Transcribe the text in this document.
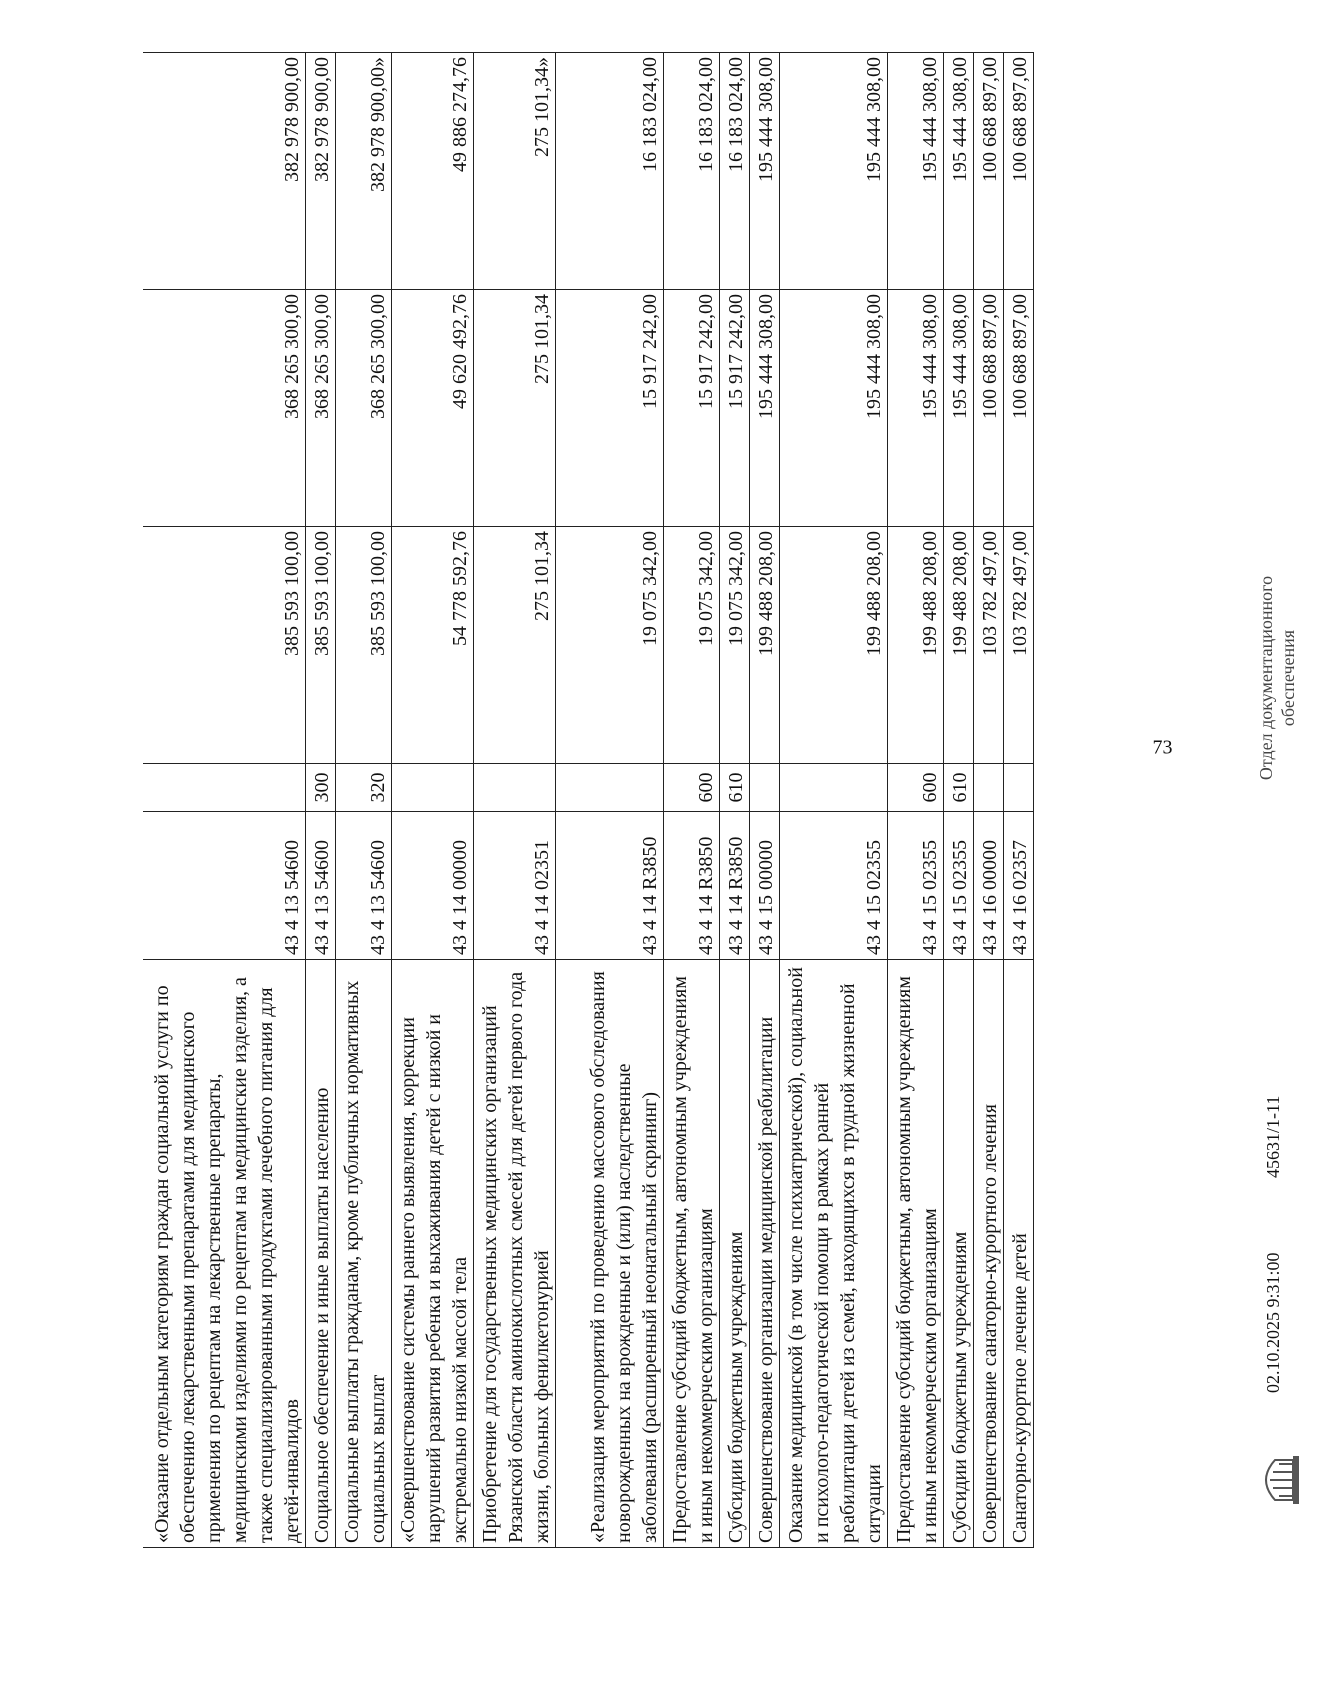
73
«Оказание отдельным категориям граждан социальной услуги по обеспечению лекарственными препаратами для медицинского применения по рецептам на лекарственные препараты, медицинскими изделиями по рецептам на медицинские изделия, а также специализированными продуктами лечебного питания для детей-инвалидов	43 4 13 54600		385 593 100,00	368 265 300,00	382 978 900,00
Социальное обеспечение и иные выплаты населению	43 4 13 54600	300	385 593 100,00	368 265 300,00	382 978 900,00
Социальные выплаты гражданам, кроме публичных нормативных социальных выплат	43 4 13 54600	320	385 593 100,00	368 265 300,00	382 978 900,00»
«Совершенствование системы раннего выявления, коррекции нарушений развития ребенка и выхаживания детей с низкой и экстремально низкой массой тела	43 4 14 00000		54 778 592,76	49 620 492,76	49 886 274,76
Приобретение для государственных медицинских организаций Рязанской области аминокислотных смесей для детей первого года жизни, больных фенилкетонурией	43 4 14 02351		275 101,34	275 101,34	275 101,34»
«Реализация мероприятий по проведению массового обследования новорожденных на врожденные и (или) наследственные заболевания (расширенный неонатальный скрининг)	43 4 14 R3850		19 075 342,00	15 917 242,00	16 183 024,00
Предоставление субсидий бюджетным, автономным учреждениям и иным некоммерческим организациям	43 4 14 R3850	600	19 075 342,00	15 917 242,00	16 183 024,00
Субсидии бюджетным учреждениям	43 4 14 R3850	610	19 075 342,00	15 917 242,00	16 183 024,00
Совершенствование организации медицинской реабилитации	43 4 15 00000		199 488 208,00	195 444 308,00	195 444 308,00
Оказание медицинской (в том числе психиатрической), социальной и психолого-педагогической помощи в рамках ранней реабилитации детей из семей, находящихся в трудной жизненной ситуации	43 4 15 02355		199 488 208,00	195 444 308,00	195 444 308,00
Предоставление субсидий бюджетным, автономным учреждениям и иным некоммерческим организациям	43 4 15 02355	600	199 488 208,00	195 444 308,00	195 444 308,00
Субсидии бюджетным учреждениям	43 4 15 02355	610	199 488 208,00	195 444 308,00	195 444 308,00
Совершенствование санаторно-курортного лечения	43 4 16 00000		103 782 497,00	100 688 897,00	100 688 897,00
Санаторно-курортное лечение детей	43 4 16 02357		103 782 497,00	100 688 897,00	100 688 897,00
02.10.2025 9:31:00
45631/1-11
Отдел документационного обеспечения
